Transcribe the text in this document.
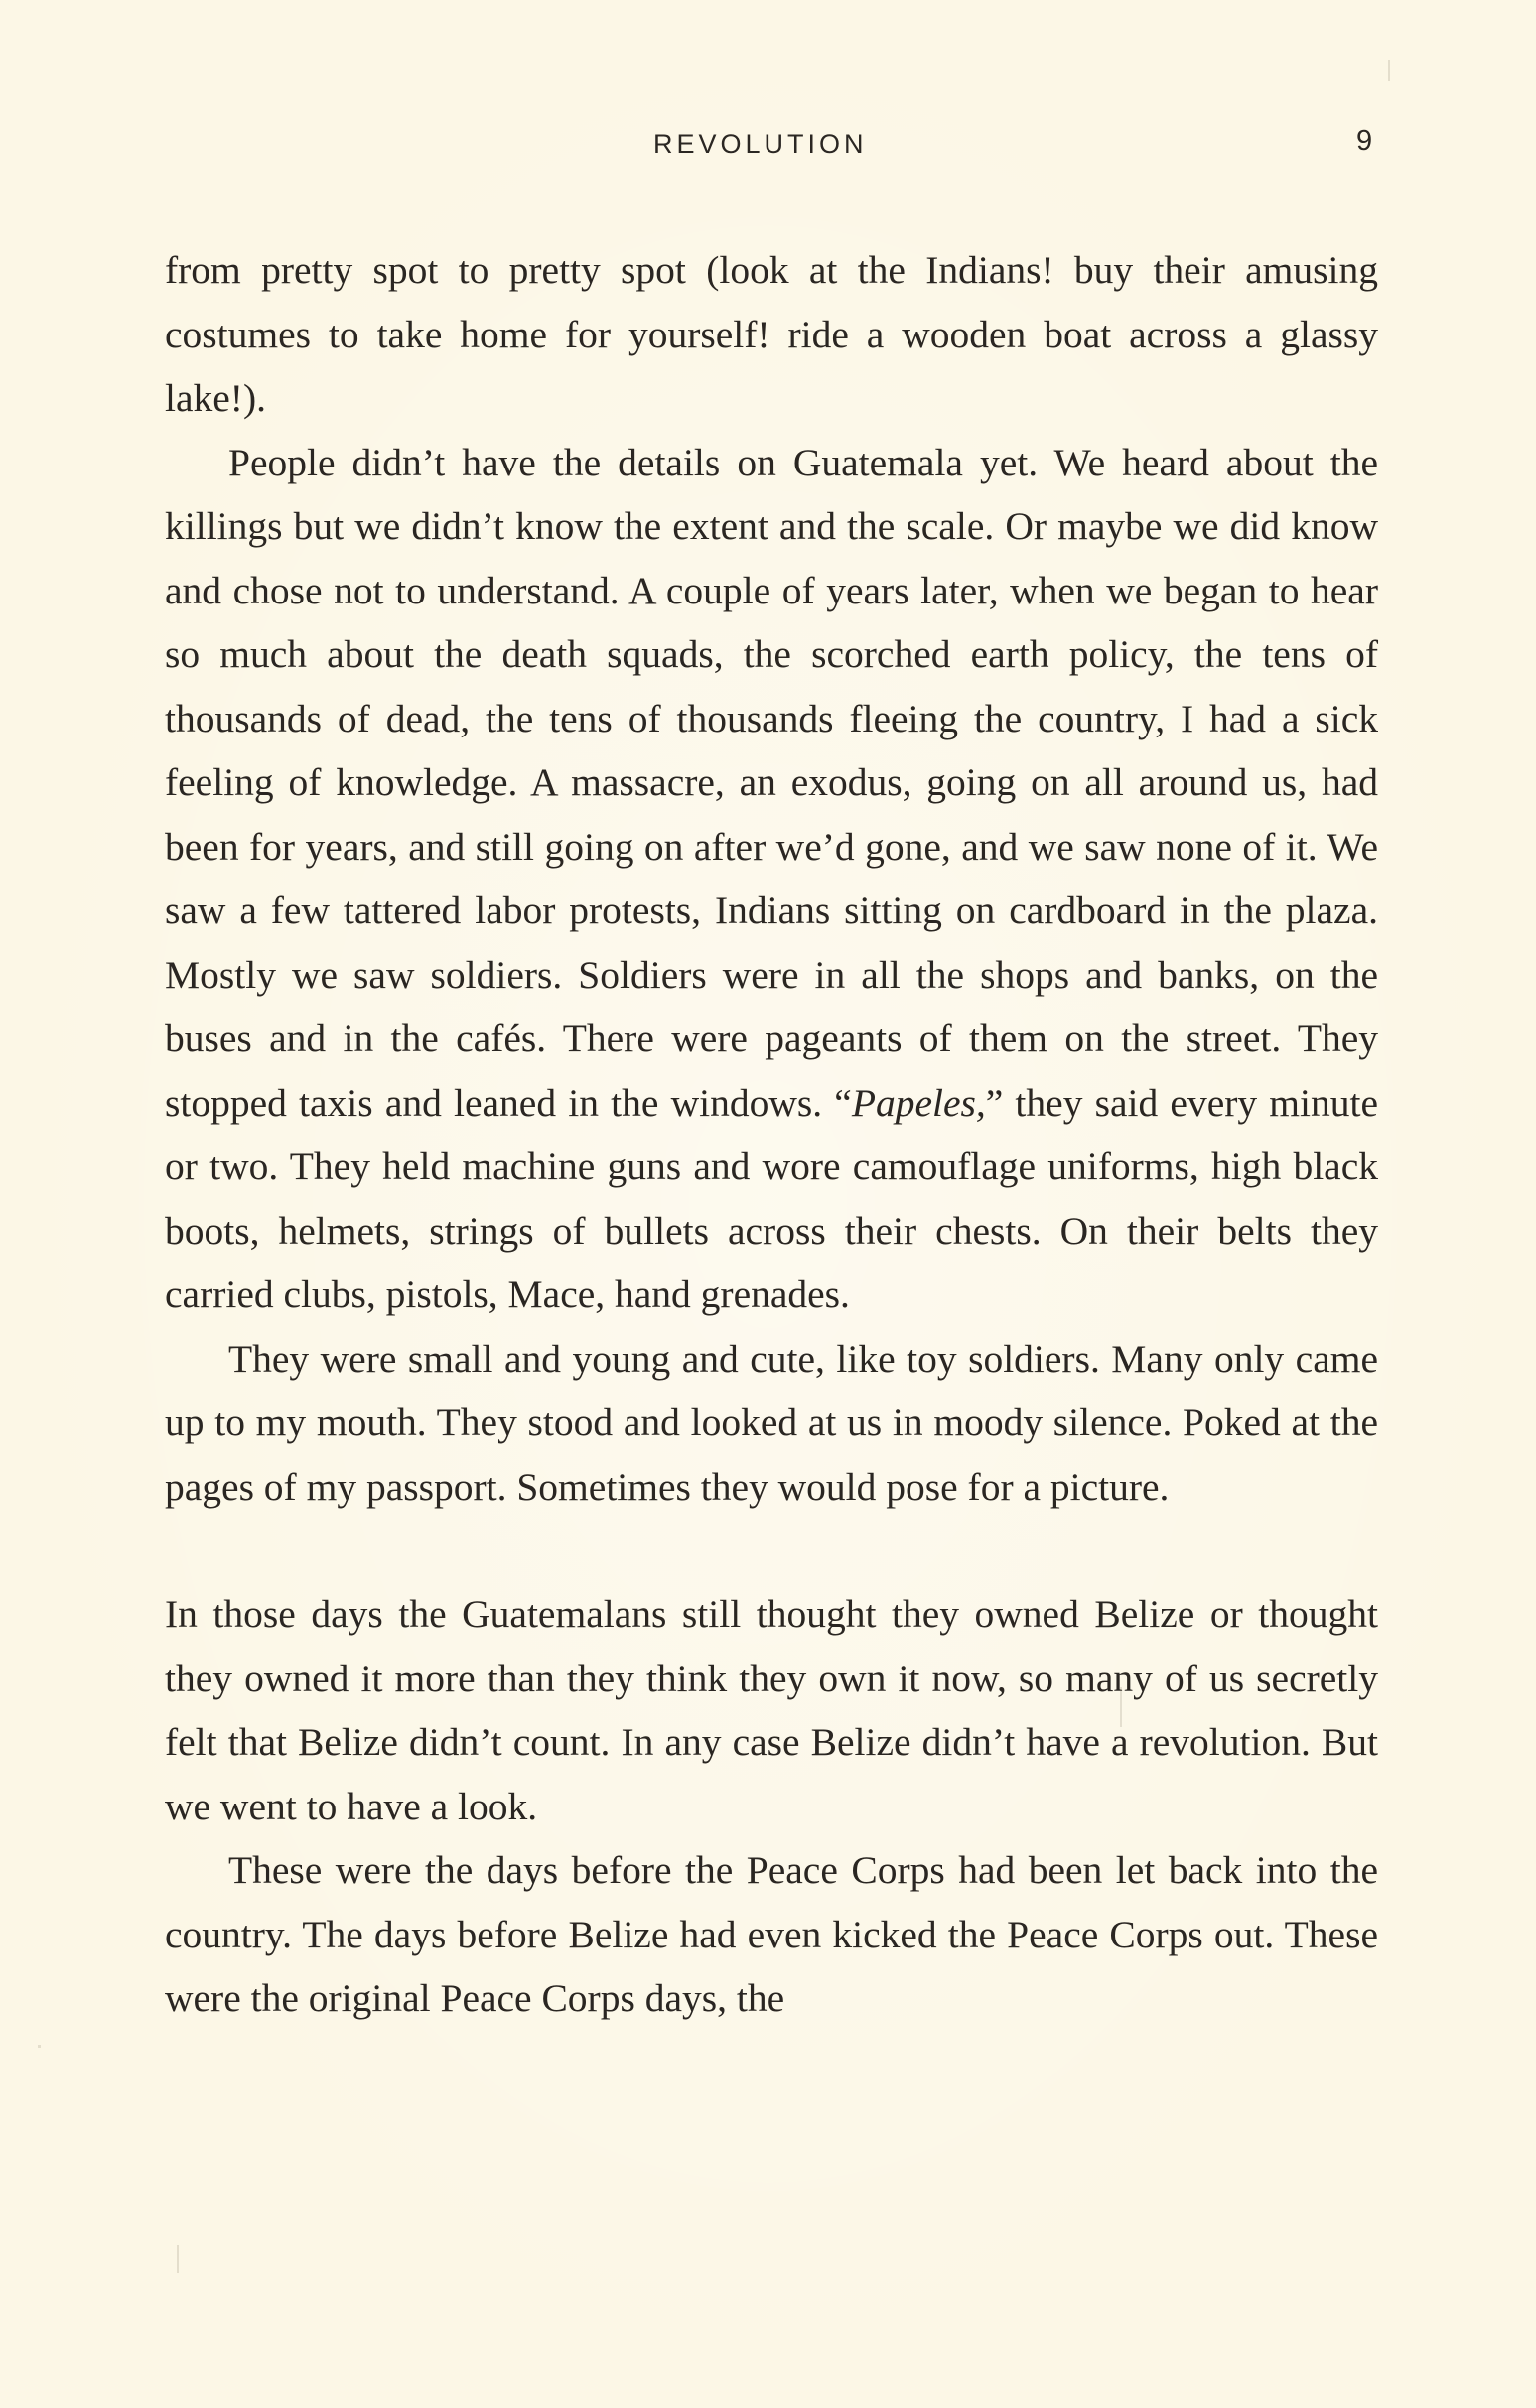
REVOLUTION	9

from pretty spot to pretty spot (look at the Indians! buy their amusing costumes to take home for yourself! ride a wooden boat across a glassy lake!).

People didn’t have the details on Guatemala yet. We heard about the killings but we didn’t know the extent and the scale. Or maybe we did know and chose not to understand. A couple of years later, when we began to hear so much about the death squads, the scorched earth policy, the tens of thousands of dead, the tens of thousands fleeing the country, I had a sick feeling of knowledge. A massacre, an exodus, going on all around us, had been for years, and still going on after we’d gone, and we saw none of it. We saw a few tattered labor protests, Indians sitting on cardboard in the plaza. Mostly we saw soldiers. Soldiers were in all the shops and banks, on the buses and in the cafés. There were pageants of them on the street. They stopped taxis and leaned in the windows. “Papeles,” they said every minute or two. They held machine guns and wore camouflage uniforms, high black boots, helmets, strings of bullets across their chests. On their belts they carried clubs, pistols, Mace, hand grenades.

They were small and young and cute, like toy soldiers. Many only came up to my mouth. They stood and looked at us in moody silence. Poked at the pages of my passport. Sometimes they would pose for a picture.

In those days the Guatemalans still thought they owned Belize or thought they owned it more than they think they own it now, so many of us secretly felt that Belize didn’t count. In any case Belize didn’t have a revolution. But we went to have a look.

These were the days before the Peace Corps had been let back into the country. The days before Belize had even kicked the Peace Corps out. These were the original Peace Corps days, the
